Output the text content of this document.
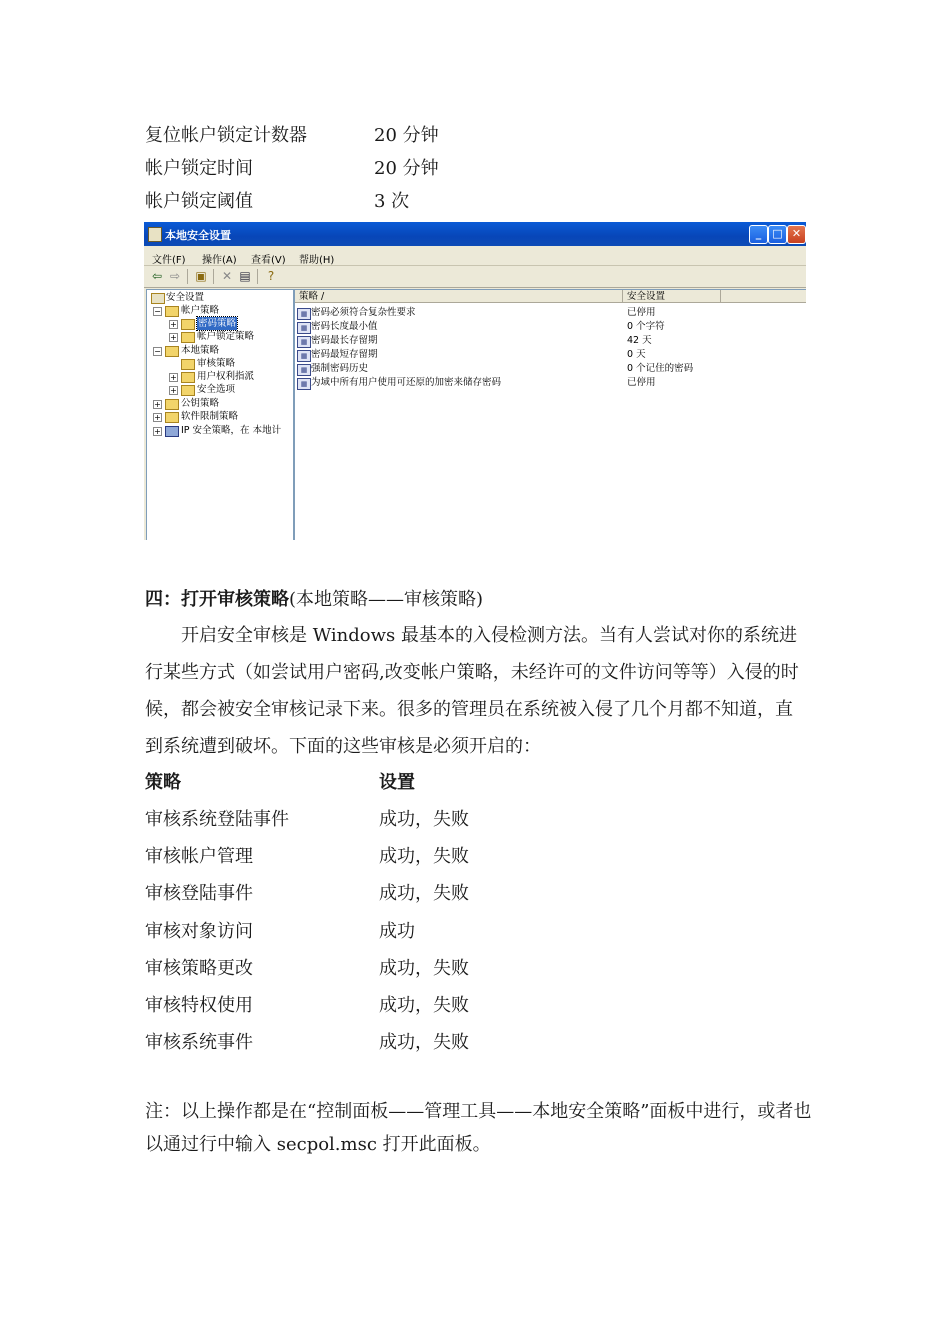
复位帐户锁定计数器	20 分钟
帐户锁定时间	20 分钟
帐户锁定阈值	3 次
本地安全设置	_	□ ✕
文件(F) 操作(A) 查看(V) 帮助(H)
⇦ ⇨ ▣ ✕ ▤	?
安全设置
− 帐户策略
+ 密码策略
+ 帐户锁定策略
− 本地策略
审核策略
+ 用户权利指派
+ 安全选项
+ 公钥策略
+ 软件限制策略
+ IP 安全策略，在 本地计
策略 /	安全设置
▦ 密码必须符合复杂性要求	已停用
▦ 密码长度最小值	0 个字符
▦ 密码最长存留期	42 天
▦ 密码最短存留期	0 天
▦ 强制密码历史	0 个记住的密码
▦ 为域中所有用户使用可还原的加密来储存密码	已停用
四：打开审核策略(本地策略——审核策略)
开启安全审核是 Windows 最基本的入侵检测方法。当有人尝试对你的系统进行某些方式（如尝试用户密码,改变帐户策略，未经许可的文件访问等等）入侵的时候，都会被安全审核记录下来。很多的管理员在系统被入侵了几个月都不知道，直到系统遭到破坏。下面的这些审核是必须开启的：
策略	设置
审核系统登陆事件	成功，失败
审核帐户管理	成功，失败
审核登陆事件	成功，失败
审核对象访问	成功
审核策略更改	成功，失败
审核特权使用	成功，失败
审核系统事件	成功，失败
注：以上操作都是在“控制面板——管理工具——本地安全策略”面板中进行，或者也以通过行中输入 secpol.msc 打开此面板。
